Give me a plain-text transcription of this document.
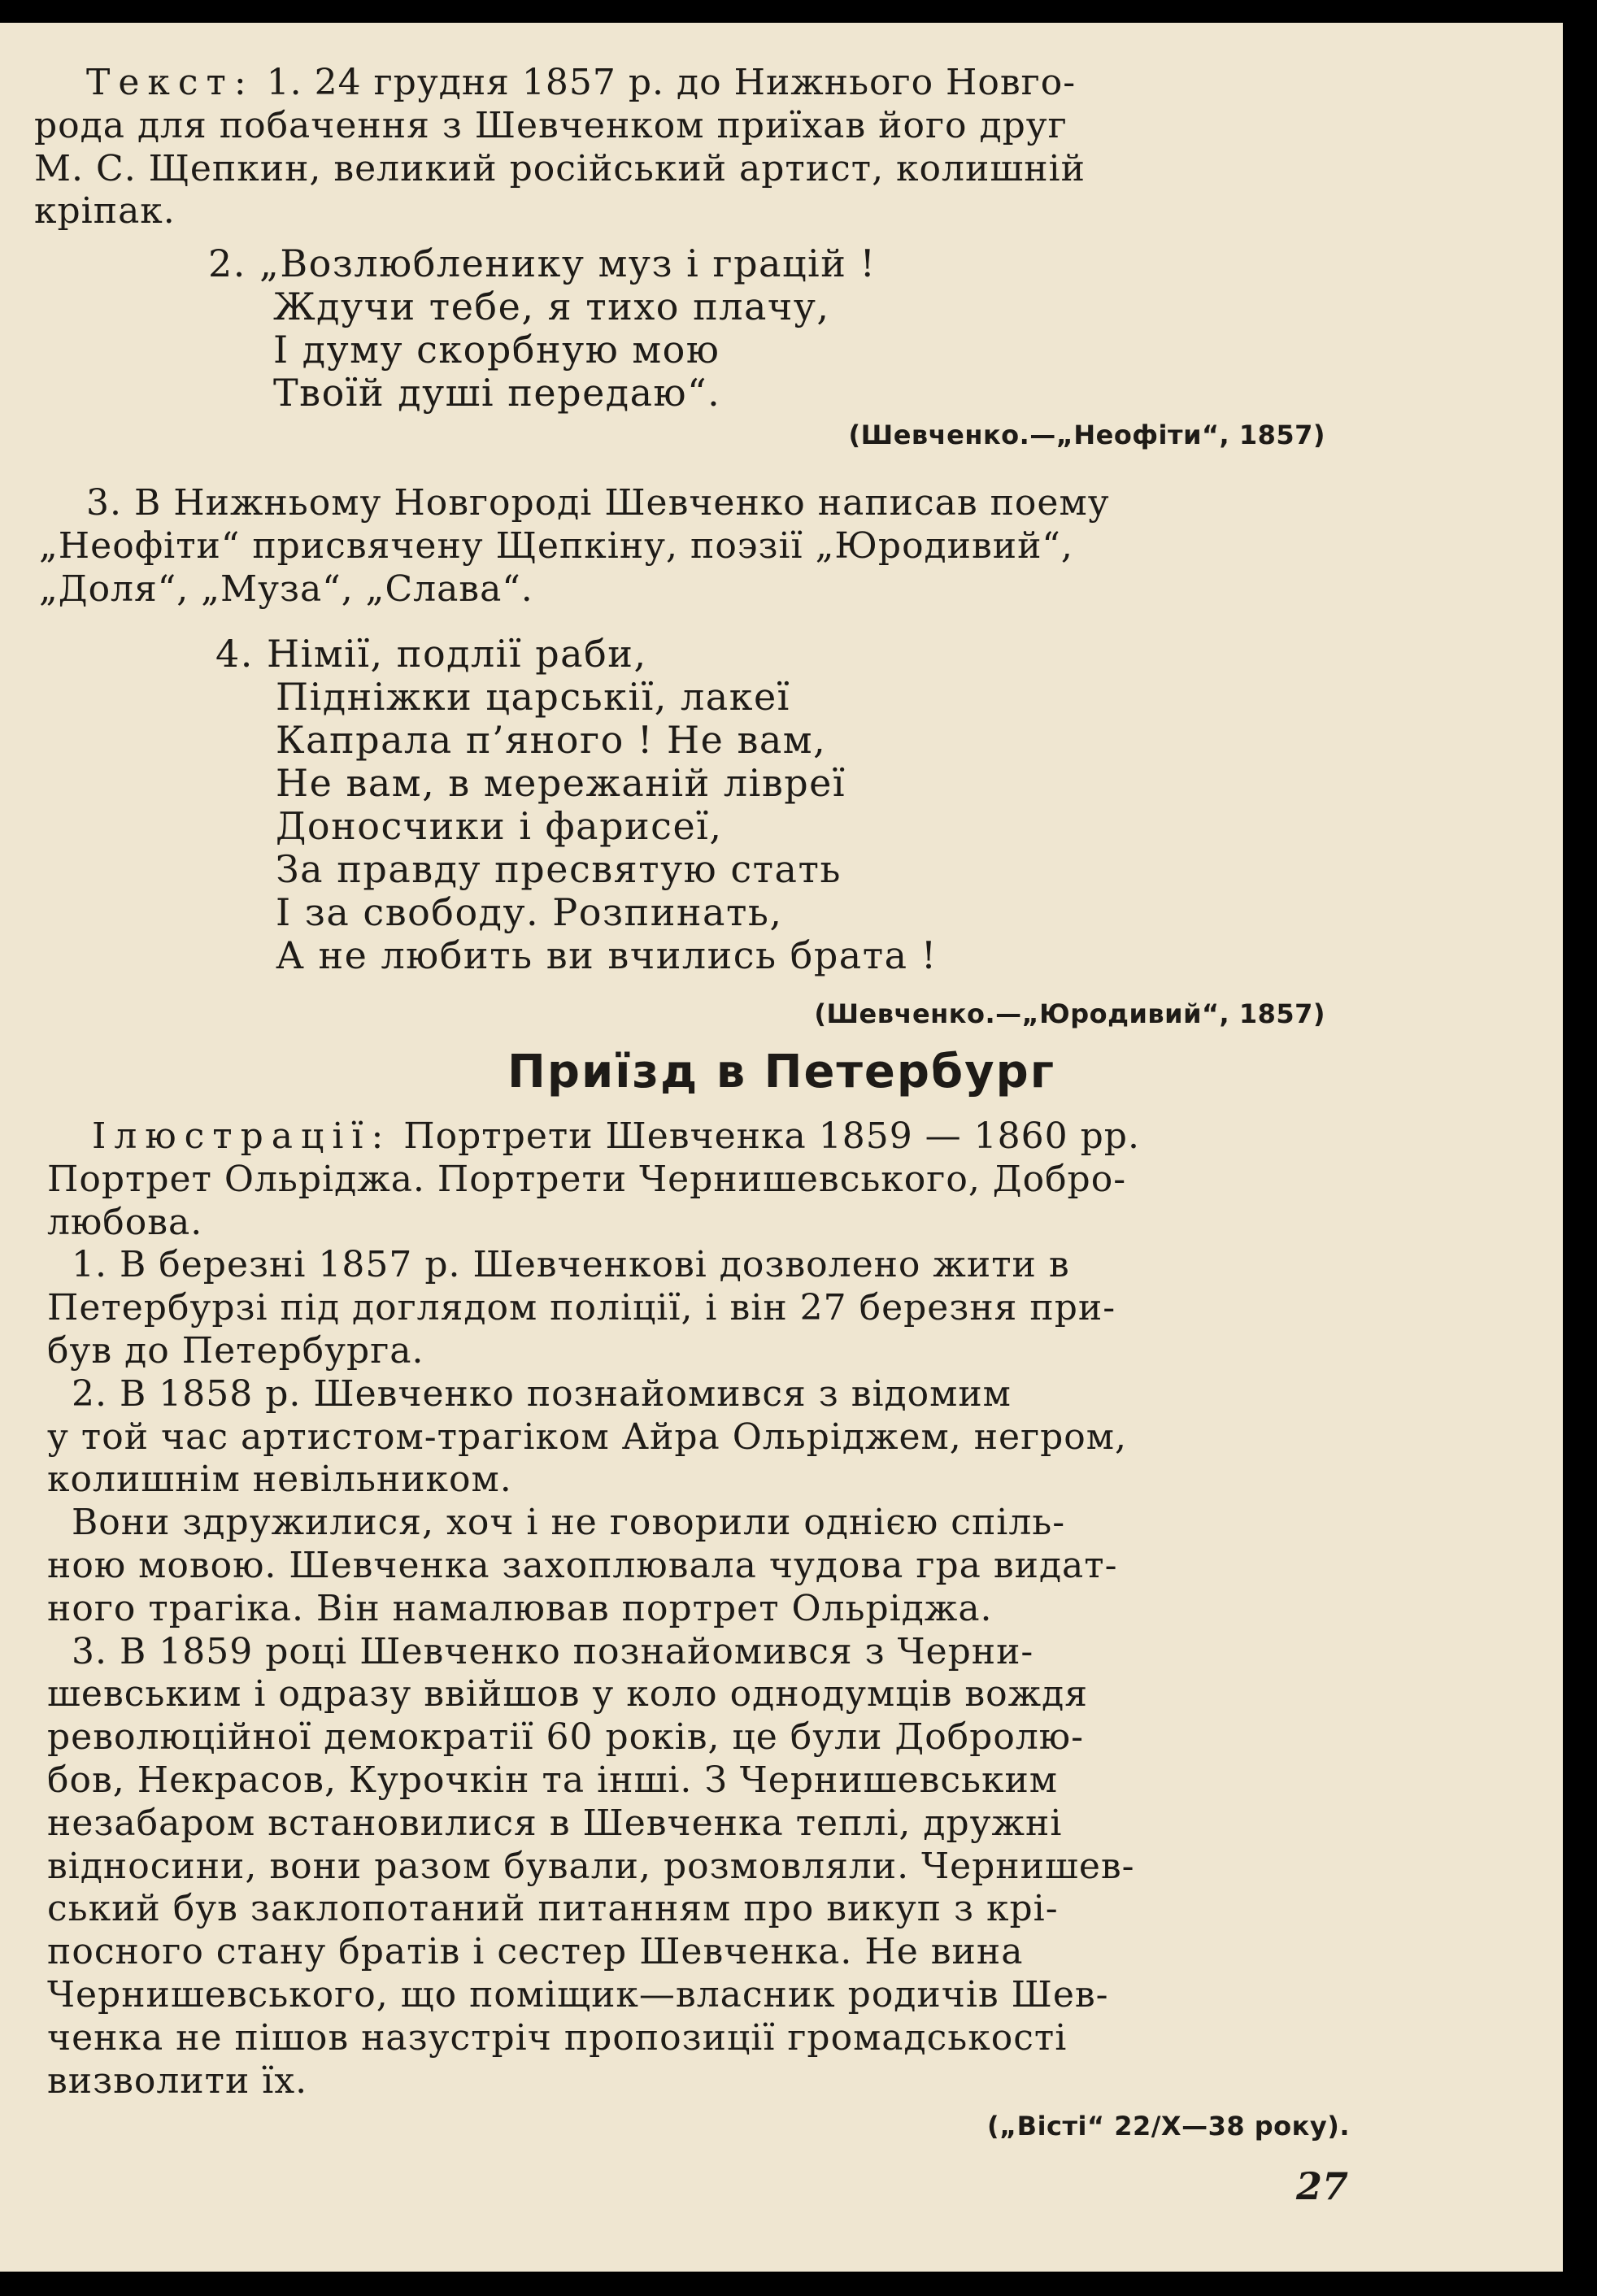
Текст: 1. 24 грудня 1857 р. до Нижнього Новго-
рода для побачення з Шевченком приїхав його друг
М. С. Щепкин, великий російський артист, колишній
кріпак.
2. „Возлюбленику муз і грацій !
Ждучи тебе, я тихо плачу,
І думу скорбную мою
Твоїй душі передаю“.
(Шевченко.—„Неофіти“, 1857)
3. В Нижньому Новгороді Шевченко написав поему
„Неофіти“ присвячену Щепкіну, поэзії „Юродивий“,
„Доля“, „Муза“, „Слава“.
4. Німії, подлії раби,
Підніжки царськії, лакеї
Капрала п’яного ! Не вам,
Не вам, в мережаній ліврeї
Доносчики і фарисеї,
За правду пресвятую стать
І за свободу. Розпинать,
А не любить ви вчились брата !
(Шевченко.—„Юродивий“, 1857)
Приїзд в Петербург
Ілюстрації: Портрети Шевченка 1859 — 1860 рр.
Портрет Ольріджа. Портрети Чернишевського, Добро-
любова.
1. В березні 1857 р. Шевченкові дозволено жити в
Петербурзі під доглядом поліції, і він 27 березня при-
був до Петербурга.
2. В 1858 р. Шевченко познайомився з відомим
у той час артистом-трагіком Айра Ольріджем, негром,
колишнім невільником.
Вони здружилися, хоч і не говорили однією спіль-
ною мовою. Шевченка захоплювала чудова гра видат-
ного трагіка. Він намалював портрет Ольріджа.
3. В 1859 році Шевченко познайомився з Черни-
шевським і одразу ввійшов у коло однодумців вождя
революційної демократії 60 років, це були Добролю-
бов, Некрасов, Курочкін та інші. З Чернишевським
незабаром встановилися в Шевченка теплі, дружні
відносини, вони разом бували, розмовляли. Чернишев-
ський був заклопотаний питанням про викуп з крі-
посного стану братів і сестер Шевченка. Не вина
Чернишевського, що поміщик—власник родичів Шев-
ченка не пішов назустріч пропозиції громадськості
визволити їх.
(„Вісті“ 22/Х—38 року).
27
